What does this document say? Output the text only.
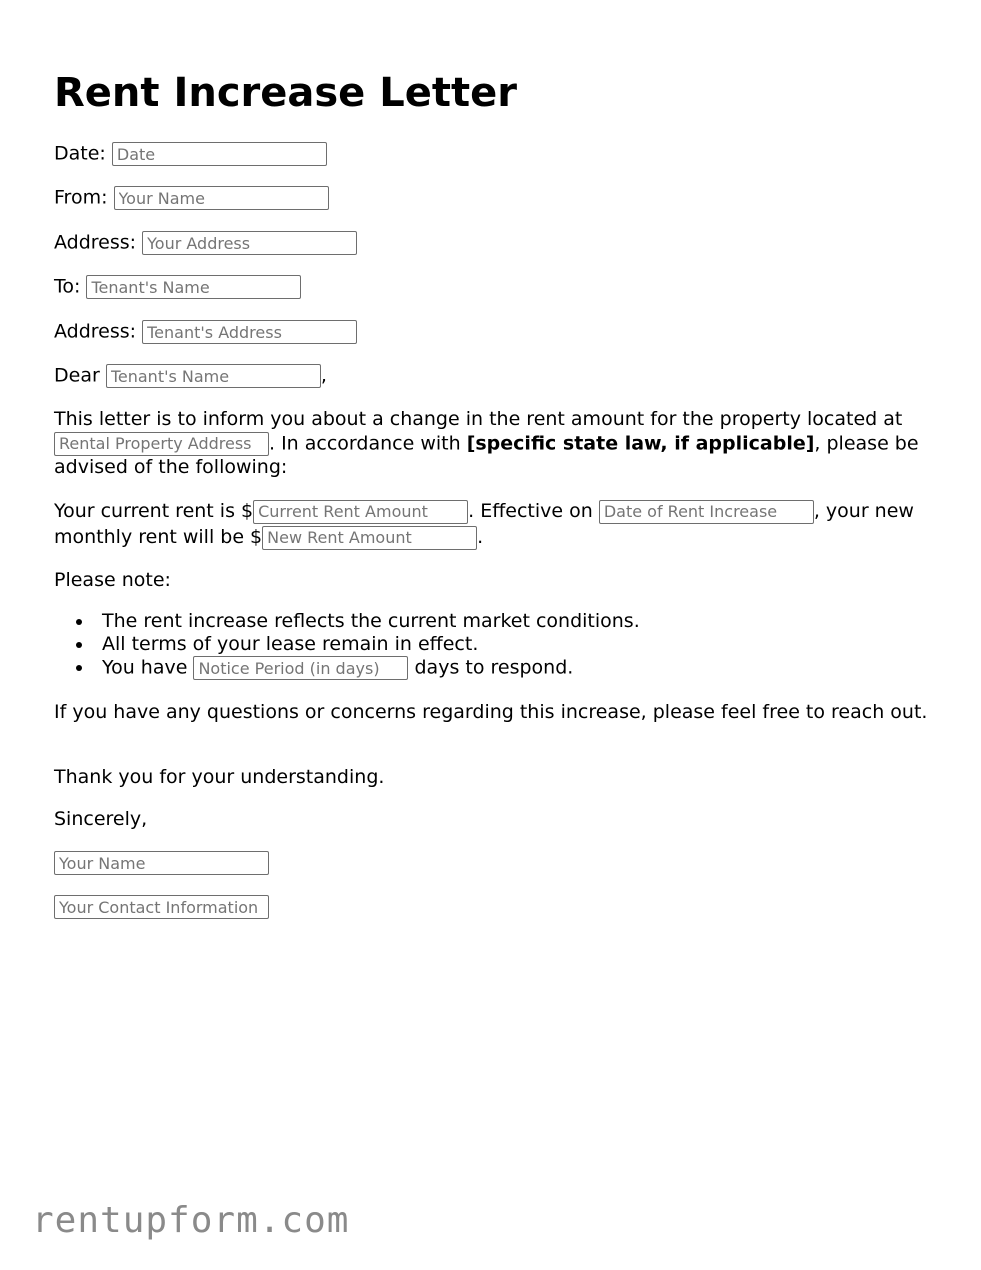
Rent Increase Letter
Date: Date
From: Your Name
Address: Your Address
To: Tenant's Name
Address: Tenant's Address
Dear Tenant's Name	,
This letter is to inform you about a change in the rent amount for the property located at Rental Property Address. In accordance with [specific state law, if applicable], please be advised of the following:
Your current rent is $Current Rent Amount	. Effective on Date of Rent Increase	, your new monthly rent will be $New Rent Amount	.
Please note:
The rent increase reflects the current market conditions.
All terms of your lease remain in effect.
You have Notice Period (in days)	days to respond.
If you have any questions or concerns regarding this increase, please feel free to reach out.
Thank you for your understanding.
Sincerely,
Your Name
Your Contact Information
rentupform.com
